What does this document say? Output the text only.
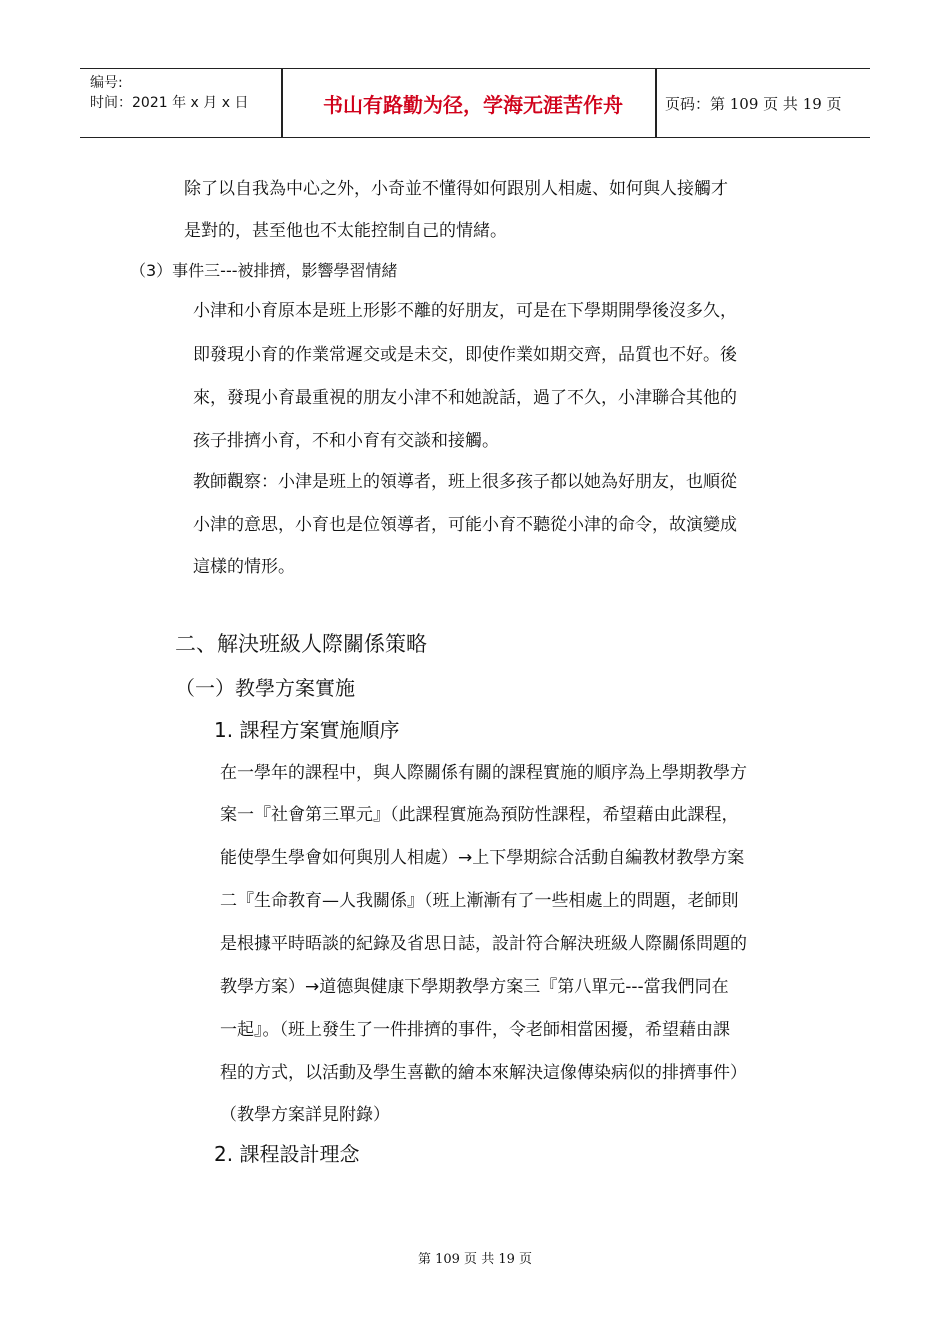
编号:
时间：2021 年 x 月 x 日	书山有路勤为径，学海无涯苦作舟	页码：第 109 页 共 19 页
除了以自我為中心之外，小奇並不懂得如何跟別人相處、如何與人接觸才
是對的，甚至他也不太能控制自己的情緒。
（3）事件三---被排擠，影響學習情緒
小津和小育原本是班上形影不離的好朋友，可是在下學期開學後沒多久，
即發現小育的作業常遲交或是未交，即使作業如期交齊，品質也不好。後
來，發現小育最重視的朋友小津不和她說話，過了不久，小津聯合其他的
孩子排擠小育，不和小育有交談和接觸。
教師觀察：小津是班上的領導者，班上很多孩子都以她為好朋友，也順從
小津的意思，小育也是位領導者，可能小育不聽從小津的命令，故演變成
這樣的情形。
二、解決班級人際關係策略
（一）教學方案實施
1. 課程方案實施順序
在一學年的課程中，與人際關係有關的課程實施的順序為上學期教學方
案一『社會第三單元』（此課程實施為預防性課程，希望藉由此課程，
能使學生學會如何與別人相處）→上下學期綜合活動自編教材教學方案
二『生命教育—人我關係』（班上漸漸有了一些相處上的問題，老師則
是根據平時晤談的紀錄及省思日誌，設計符合解決班級人際關係問題的
教學方案）→道德與健康下學期教學方案三『第八單元---當我們同在
一起』。（班上發生了一件排擠的事件，令老師相當困擾，希望藉由課
程的方式，以活動及學生喜歡的繪本來解決這像傳染病似的排擠事件）
（教學方案詳見附錄）
2. 課程設計理念
第 109 页 共 19 页
